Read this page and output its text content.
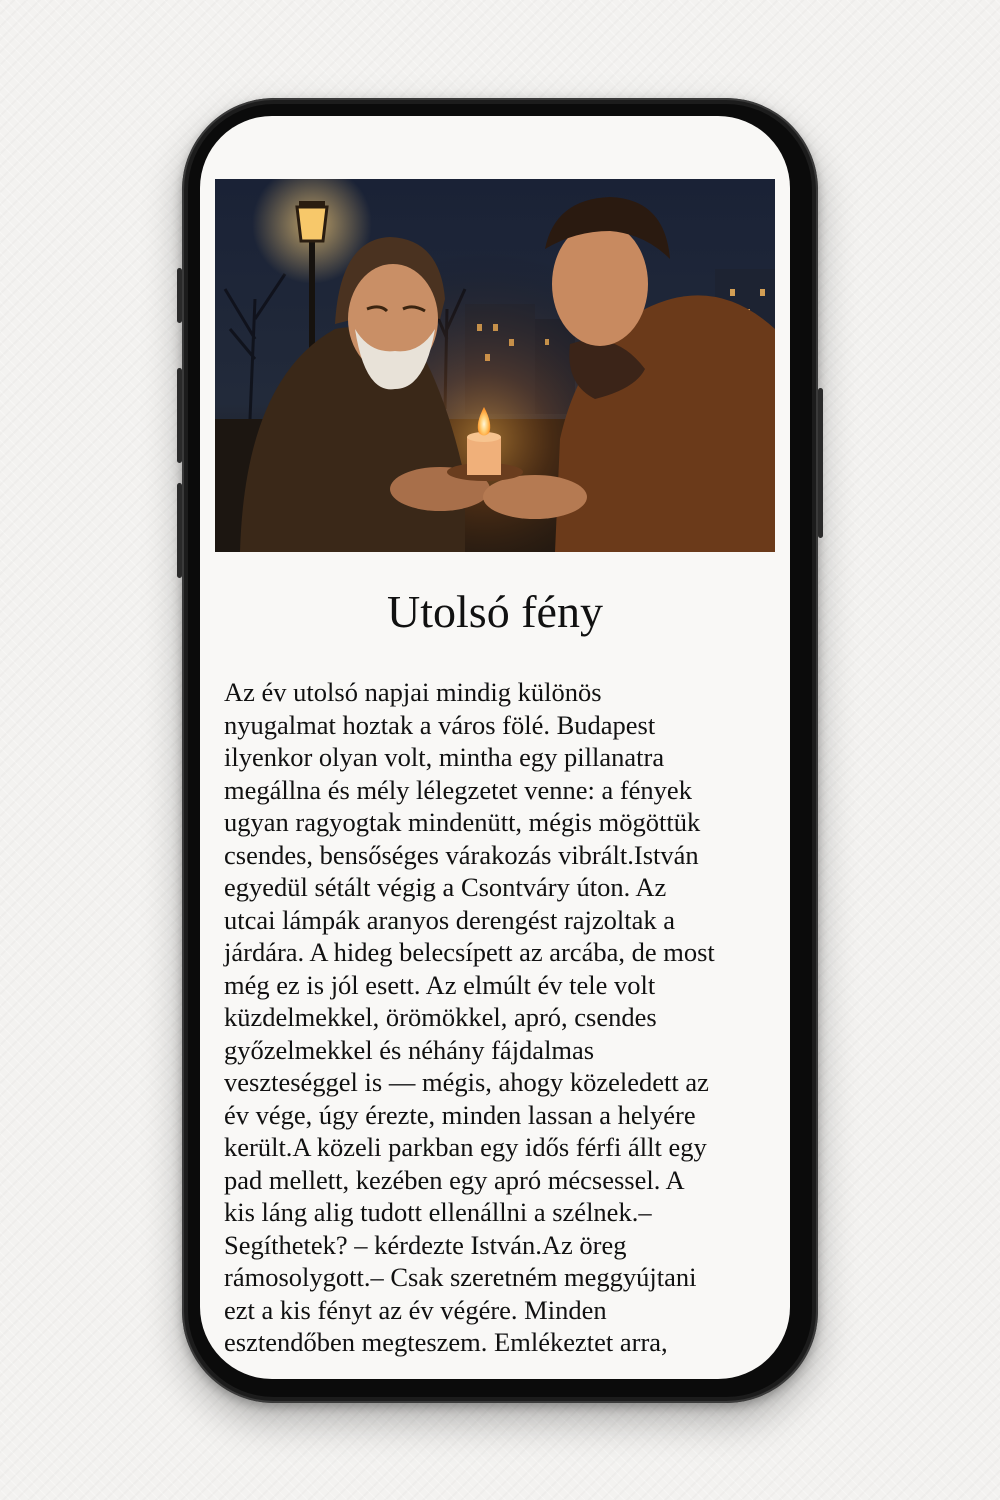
Utolsó fény
Az év utolsó napjai mindig különös
nyugalmat hoztak a város fölé. Budapest
ilyenkor olyan volt, mintha egy pillanatra
megállna és mély lélegzetet venne: a fények
ugyan ragyogtak mindenütt, mégis mögöttük
csendes, bensőséges várakozás vibrált.István
egyedül sétált végig a Csontváry úton. Az
utcai lámpák aranyos derengést rajzoltak a
járdára. A hideg belecsípett az arcába, de most
még ez is jól esett. Az elmúlt év tele volt
küzdelmekkel, örömökkel, apró, csendes
győzelmekkel és néhány fájdalmas
veszteséggel is — mégis, ahogy közeledett az
év vége, úgy érezte, minden lassan a helyére
került.A közeli parkban egy idős férfi állt egy
pad mellett, kezében egy apró mécsessel. A
kis láng alig tudott ellenállni a szélnek.–
Segíthetek? – kérdezte István.Az öreg
rámosolygott.– Csak szeretném meggyújtani
ezt a kis fényt az év végére. Minden
esztendőben megteszem. Emlékeztet arra,
